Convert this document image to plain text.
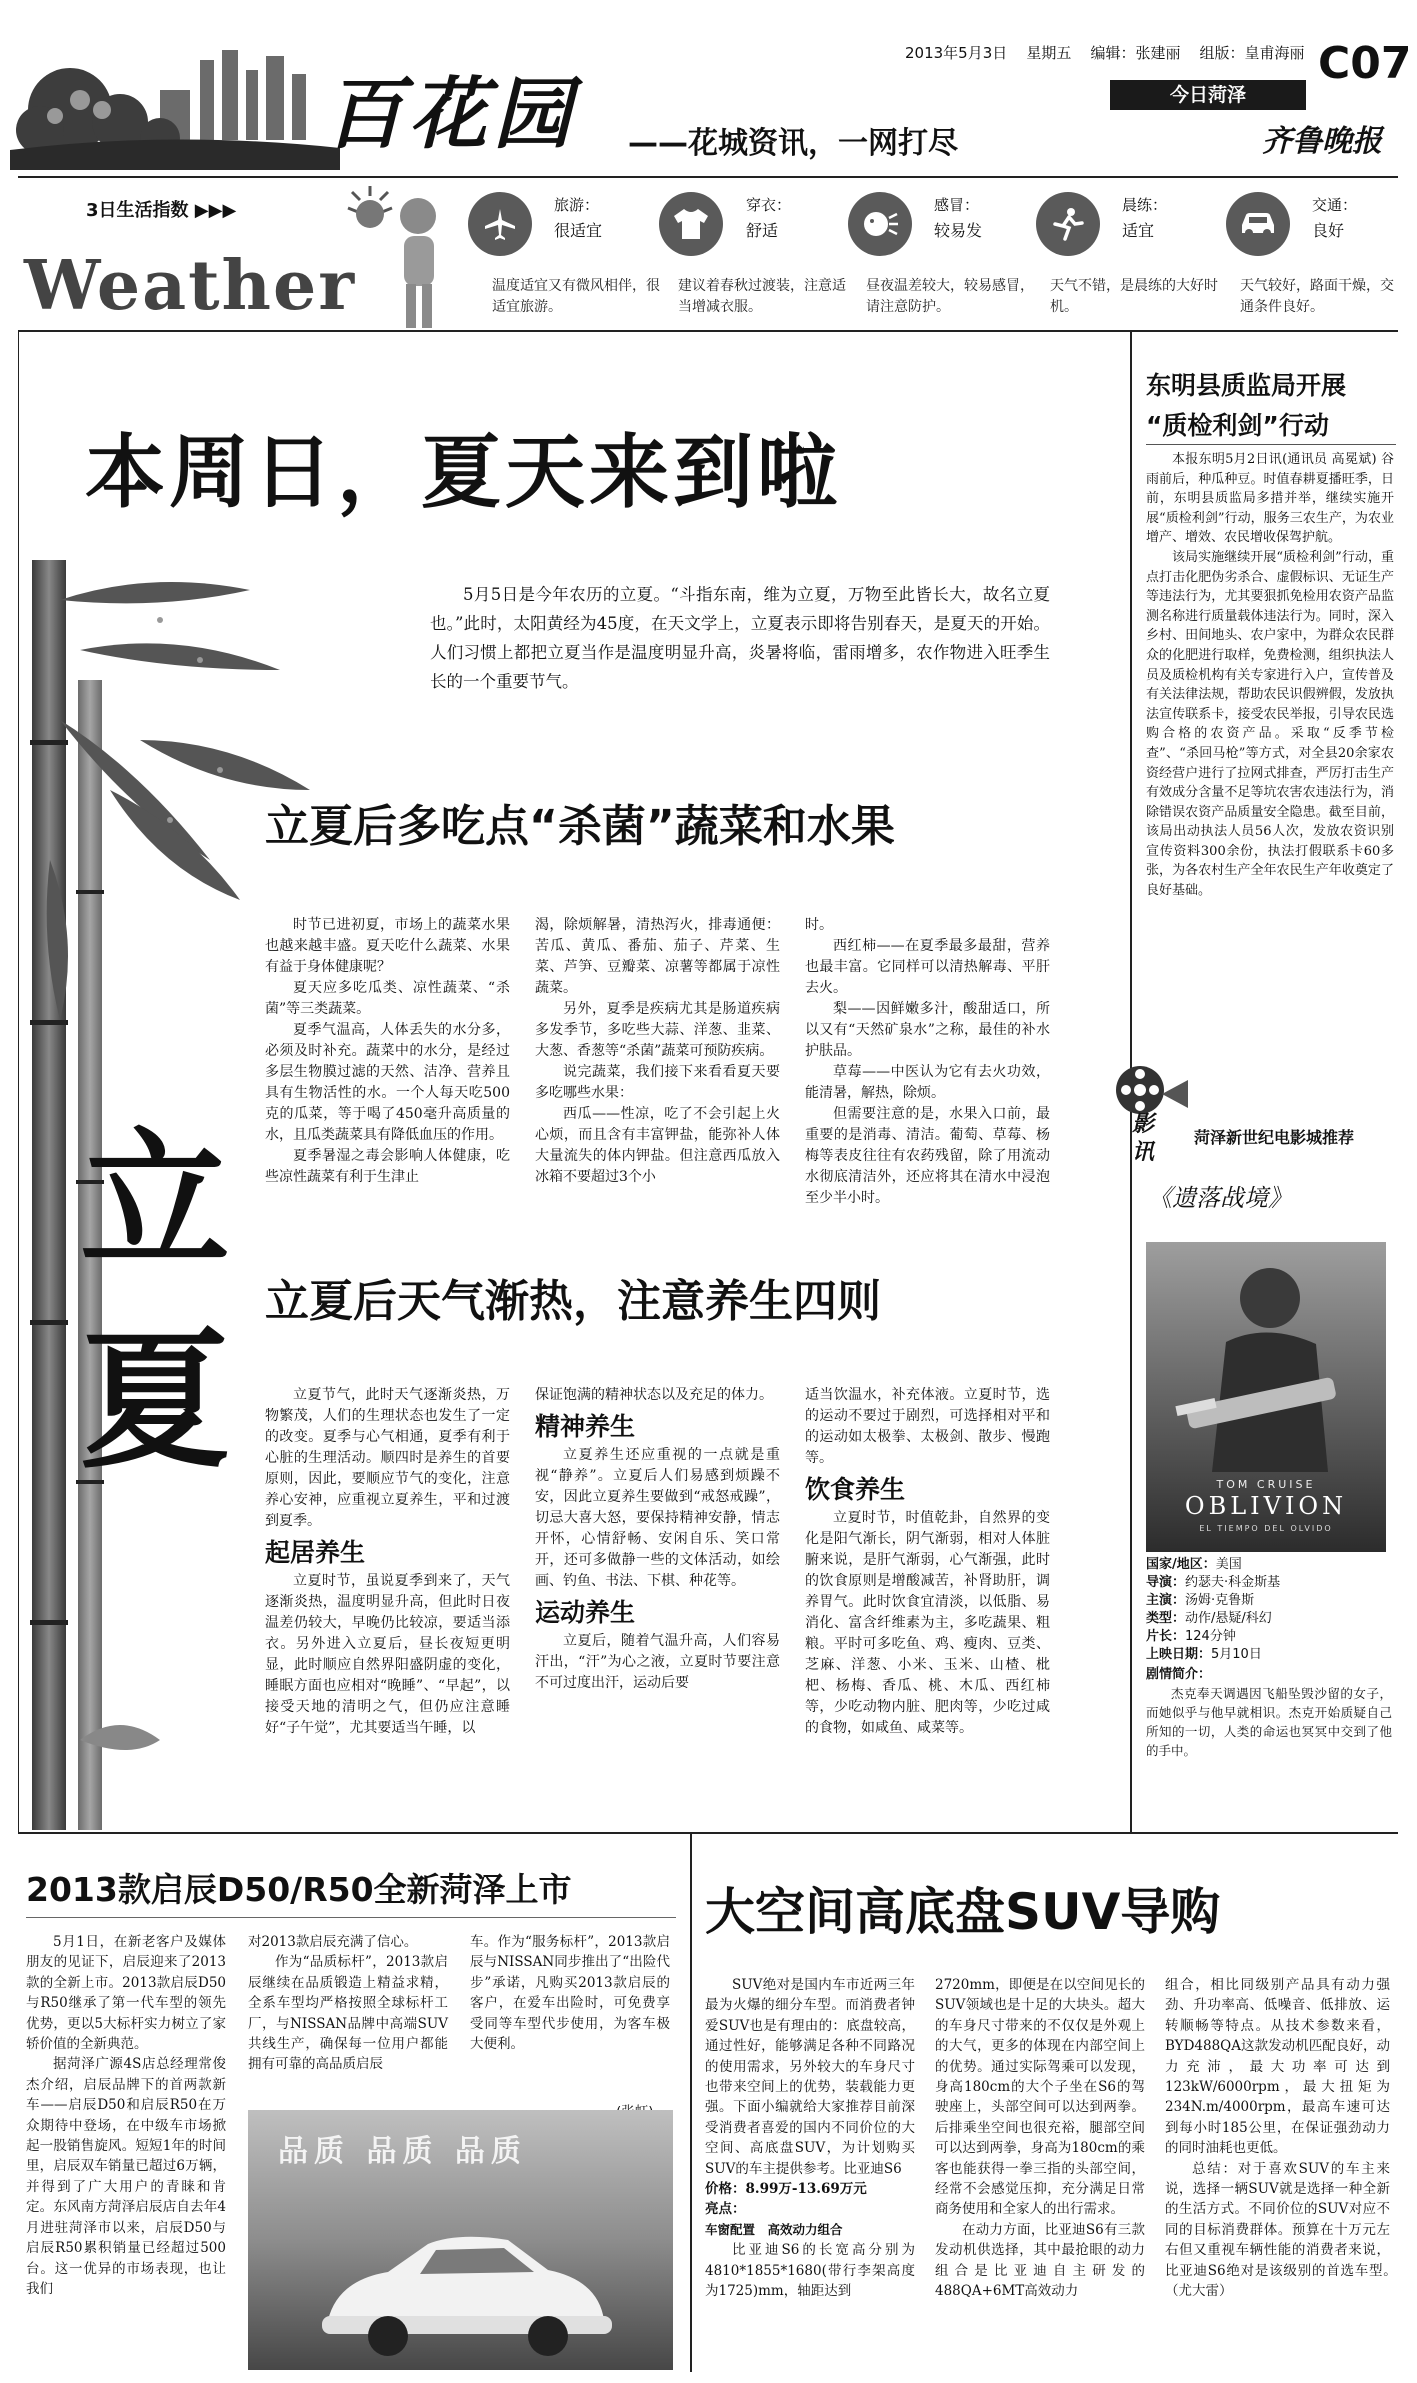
百花园 ——花城资讯，一网打尽
2013年5月3日 星期五 编辑：张建丽 组版：皇甫海丽 C07
今日菏泽
齐鲁晚报
3日生活指数 ▶▶▶
Weather
旅游：
很适宜
温度适宜又有微风相伴，很适宜旅游。
穿衣：
舒适
建议着春秋过渡装，注意适当增减衣服。
感冒：
较易发
昼夜温差较大，较易感冒，请注意防护。
晨练：
适宜
天气不错，是晨练的大好时机。
交通：
良好
天气较好，路面干燥，交通条件良好。
本周日，夏天来到啦
立
夏
5月5日是今年农历的立夏。“斗指东南，维为立夏，万物至此皆长大，故名立夏也。”此时，太阳黄经为45度，在天文学上，立夏表示即将告别春天，是夏天的开始。人们习惯上都把立夏当作是温度明显升高，炎暑将临，雷雨增多，农作物进入旺季生长的一个重要节气。
立夏后多吃点“杀菌”蔬菜和水果

时节已进初夏，市场上的蔬菜水果也越来越丰盛。夏天吃什么蔬菜、水果有益于身体健康呢？

夏天应多吃瓜类、凉性蔬菜、“杀菌”等三类蔬菜。

夏季气温高，人体丢失的水分多，必须及时补充。蔬菜中的水分，是经过多层生物膜过滤的天然、洁净、营养且具有生物活性的水。一个人每天吃500克的瓜菜，等于喝了450毫升高质量的水，且瓜类蔬菜具有降低血压的作用。

夏季暑湿之毒会影响人体健康，吃些凉性蔬菜有利于生津止

渴，除烦解暑，清热泻火，排毒通便：苦瓜、黄瓜、番茄、茄子、芹菜、生菜、芦笋、豆瓣菜、凉薯等都属于凉性蔬菜。

另外，夏季是疾病尤其是肠道疾病多发季节，多吃些大蒜、洋葱、韭菜、大葱、香葱等“杀菌”蔬菜可预防疾病。

说完蔬菜，我们接下来看看夏天要多吃哪些水果：

西瓜——性凉，吃了不会引起上火心烦，而且含有丰富钾盐，能弥补人体大量流失的体内钾盐。但注意西瓜放入冰箱不要超过3个小

时。

西红柿——在夏季最多最甜，营养也最丰富。它同样可以清热解毒、平肝去火。

梨——因鲜嫩多汁，酸甜适口，所以又有“天然矿泉水”之称，最佳的补水护肤品。

草莓——中医认为它有去火功效，能清暑，解热，除烦。

但需要注意的是，水果入口前，最重要的是消毒、清洁。葡萄、草莓、杨梅等表皮往往有农药残留，除了用流动水彻底清洁外，还应将其在清水中浸泡至少半小时。

立夏后天气渐热，注意养生四则

立夏节气，此时天气逐渐炎热，万物繁茂，人们的生理状态也发生了一定的改变。夏季与心气相通，夏季有利于心脏的生理活动。顺四时是养生的首要原则，因此，要顺应节气的变化，注意养心安神，应重视立夏养生，平和过渡到夏季。

起居养生

立夏时节，虽说夏季到来了，天气逐渐炎热，温度明显升高，但此时日夜温差仍较大，早晚仍比较凉，要适当添衣。另外进入立夏后，昼长夜短更明显，此时顺应自然界阳盛阴虚的变化，睡眠方面也应相对“晚睡”、“早起”，以接受天地的清明之气，但仍应注意睡好“子午觉”，尤其要适当午睡，以

保证饱满的精神状态以及充足的体力。

精神养生

立夏养生还应重视的一点就是重视“静养”。立夏后人们易感到烦躁不安，因此立夏养生要做到“戒怒戒躁”，切忌大喜大怒，要保持精神安静，情志开怀，心情舒畅、安闲自乐、笑口常开，还可多做静一些的文体活动，如绘画、钓鱼、书法、下棋、种花等。

运动养生

立夏后，随着气温升高，人们容易汗出，“汗”为心之液，立夏时节要注意不可过度出汗，运动后要

适当饮温水，补充体液。立夏时节，选的运动不要过于剧烈，可选择相对平和的运动如太极拳、太极剑、散步、慢跑等。

饮食养生

立夏时节，时值乾卦，自然界的变化是阳气渐长，阴气渐弱，相对人体脏腑来说，是肝气渐弱，心气渐强，此时的饮食原则是增酸减苦，补肾助肝，调养胃气。此时饮食宜清淡，以低脂、易消化、富含纤维素为主，多吃蔬果、粗粮。平时可多吃鱼、鸡、瘦肉、豆类、芝麻、洋葱、小米、玉米、山楂、枇杷、杨梅、香瓜、桃、木瓜、西红柿等，少吃动物内脏、肥肉等，少吃过咸的食物，如咸鱼、咸菜等。

东明县质监局开展
“质检利剑”行动

本报东明5月2日讯(通讯员 高冕斌) 谷雨前后，种瓜种豆。时值春耕夏播旺季，日前，东明县质监局多措并举，继续实施开展“质检利剑”行动，服务三农生产，为农业增产、增效、农民增收保驾护航。

该局实施继续开展“质检利剑”行动，重点打击化肥伪劣杀合、虚假标识、无证生产等违法行为，尤其要狠抓免检用农资产品监测名称进行质量载体违法行为。同时，深入乡村、田间地头、农户家中，为群众农民群众的化肥进行取样，免费检测，组织执法人员及质检机构有关专家进行入户，宣传普及有关法律法规，帮助农民识假辨假，发放执法宣传联系卡，接受农民举报，引导农民选购合格的农资产品。采取“反季节检查”、“杀回马枪”等方式，对全县20余家农资经营户进行了拉网式排查，严厉打击生产有效成分含量不足等坑农害农违法行为，消除错误农资产品质量安全隐患。截至目前，该局出动执法人员56人次，发放农资识别宣传资料300余份，执法打假联系卡60多张，为各农村生产全年农民生产年收奠定了良好基础。

影讯
菏泽新世纪电影城推荐
《遗落战境》
TOM CRUISE
OBLIVION
EL TIEMPO DEL OLVIDO
国家/地区：美国
导演：约瑟夫·科金斯基
主演：汤姆·克鲁斯
类型：动作/悬疑/科幻
片长：124分钟
上映日期：5月10日
剧情简介：
杰克奉天调遇因飞船坠毁沙留的女子，而她似乎与他早就相识。杰克开始质疑自己所知的一切，人类的命运也冥冥中交到了他的手中。
2013款启辰D50/R50全新菏泽上市

5月1日，在新老客户及媒体朋友的见证下，启辰迎来了2013款的全新上市。2013款启辰D50与R50继承了第一代车型的领先优势，更以5大标杆实力树立了家轿价值的全新典范。

据菏泽广源4S店总经理常俊杰介绍，启辰品牌下的首两款新车——启辰D50和启辰R50在万众期待中登场，在中级车市场掀起一股销售旋风。短短1年的时间里，启辰双车销量已超过6万辆，并得到了广大用户的青睐和肯定。东风南方菏泽启辰店自去年4月进驻菏泽市以来，启辰D50与启辰R50累积销量已经超过500台。这一优异的市场表现，也让我们

对2013款启辰充满了信心。

作为“品质标杆”，2013款启辰继续在品质锻造上精益求精，全系车型均严格按照全球标杆工厂，与NISSAN品牌中高端SUV共线生产，确保每一位用户都能拥有可靠的高品质启辰

车。作为“服务标杆”，2013款启辰与NISSAN同步推出了“出险代步”承诺，凡购买2013款启辰的客户，在爱车出险时，可免费享受同等车型代步使用，为客车极大便利。

品质 品质 品质
大空间高底盘SUV导购

SUV绝对是国内车市近两三年最为火爆的细分车型。而消费者钟爱SUV也是有理由的：底盘较高，通过性好，能够满足各种不同路况的使用需求，另外较大的车身尺寸也带来空间上的优势，装载能力更强。下面小编就给大家推荐目前深受消费者喜爱的国内不同价位的大空间、高底盘SUV，为计划购买SUV的车主提供参考。比亚迪S6

价格：8.99万-13.69万元
亮点：
车窗配置　高效动力组合

比亚迪S6的长宽高分别为4810*1855*1680(带行李架高度为1725)mm，轴距达到

2720mm，即便是在以空间见长的SUV领域也是十足的大块头。超大的车身尺寸带来的不仅仅是外观上的大气，更多的体现在内部空间上的优势。通过实际驾乘可以发现，身高180cm的大个子坐在S6的驾驶座上，头部空间可以达到两拳。后排乘坐空间也很充裕，腿部空间可以达到两拳，身高为180cm的乘客也能获得一拳三指的头部空间，经常不会感觉压抑，充分满足日常商务使用和全家人的出行需求。

在动力方面，比亚迪S6有三款发动机供选择，其中最抢眼的动力组合是比亚迪自主研发的488QA+6MT高效动力

组合，相比同级别产品具有动力强劲、升功率高、低噪音、低排放、运转顺畅等特点。从技术参数来看，BYD488QA这款发动机匹配良好，动力充沛，最大功率可达到123kW/6000rpm，最大扭矩为234N.m/4000rpm，最高车速可达到每小时185公里，在保证强劲动力的同时油耗也更低。

总结：对于喜欢SUV的车主来说，选择一辆SUV就是选择一种全新的生活方式。不同价位的SUV对应不同的目标消费群体。预算在十万元左右但又重视车辆性能的消费者来说，比亚迪S6绝对是该级别的首选车型。　（尤大雷）
